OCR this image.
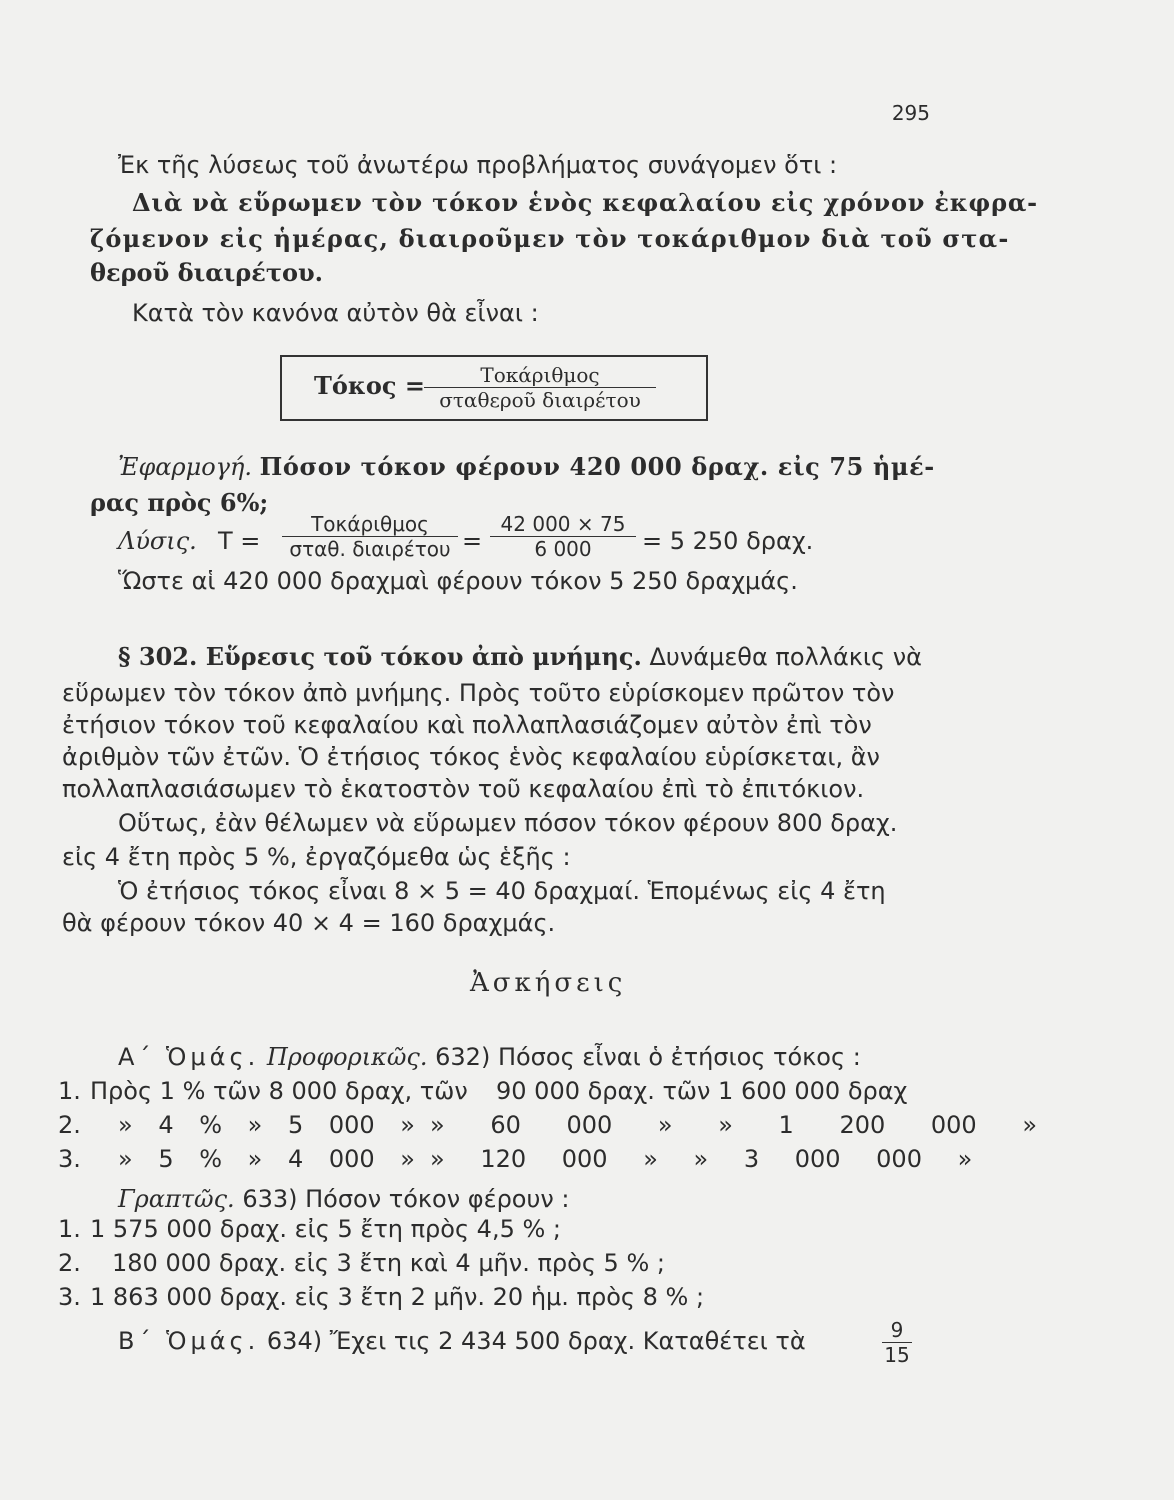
295
Ἐκ τῆς λύσεως τοῦ ἀνωτέρω προβλήματος συνάγομεν ὅτι :
Διὰ νὰ εὕρωμεν τὸν τόκον ἑνὸς κεφαλαίου εἰς χρόνον ἐκφρα-
ζόμενον εἰς ἡμέρας, διαιροῦμεν τὸν τοκάριθμον διὰ τοῦ στα-
θεροῦ διαιρέτου.
Κατὰ τὸν κανόνα αὐτὸν θὰ εἶναι :
Τόκος =	Τοκάριθμος
σταθεροῦ διαιρέτου
Ἐφαρμογή. Πόσον τόκον φέρουν 420 000 δραχ. εἰς 75 ἡμέ-
ρας πρὸς 6%;
Λύσις. Τ =
Τοκάριθμος
σταθ. $\delta\iota\alpha\iota\rho έ\tau o\upsilon = \frac{42 000 \times 75}{6 000} = 5$ 250 δραχ.
Ὥστε αἱ 420 000 δραχμαὶ φέρουν τόκον 5 250 δραχμάς.
§ 302. Εὕρεσις τοῦ τόκου ἀπὸ μνήμης. Δυνάμεθα πολλάκις νὰ
εὕρωμεν τὸν τόκον ἀπὸ μνήμης. Πρὸς τοῦτο εὑρίσκομεν πρῶτον τὸν
ἐτήσιον τόκον τοῦ κεφαλαίου καὶ πολλαπλασιάζομεν αὐτὸν ἐπὶ τὸν
ἀριθμὸν τῶν ἐτῶν. Ὁ ἐτήσιος τόκος ἑνὸς κεφαλαίου εὑρίσκεται, ἂν
πολλαπλασιάσωμεν τὸ ἑκατοστὸν τοῦ κεφαλαίου ἐπὶ τὸ ἐπιτόκιον.
Οὕτως, ἐὰν θέλωμεν νὰ εὕρωμεν πόσον τόκον φέρουν 800 δραχ.
εἰς 4 ἔτη πρὸς 5 %, ἐργαζόμεθα ὡς ἑξῆς :
Ὁ ἐτήσιος τόκος εἶναι 8 × 5 = 40 δραχμαί. Ἑπομένως εἰς 4 ἔτη
θὰ φέρουν τόκον 40 × 4 = 160 δραχμάς.
Ἀσκήσεις
Α΄ Ὁμάς. Προφορικῶς. 632) Πόσος εἶναι ὁ ἐτήσιος τόκος :
1. Πρὸς 1 % τῶν 8 000 δραχ, τῶν 90 000 δραχ. τῶν 1 600 000 δραχ
2. » 4 % » 5 000 » » 60 000 » » 1 200 000 »
3. » 5 % » 4 000 » » 120 000 » » 3 000 000 »
Γραπτῶς. 633) Πόσον τόκον φέρουν :
1. 1 575 000 δραχ. εἰς 5 ἔτη πρὸς 4,5 % ;
2. 180 000 δραχ. εἰς 3 ἔτη καὶ 4 μῆν. πρὸς 5 % ;
3. 1 863 000 δραχ. εἰς 3 ἔτη 2 μῆν. 20 ἡμ. πρὸς 8 % ;
Β΄ Ὁμάς. 634) Ἔχει τις 2 434 500 δραχ. Καταθέτει τὰ	$\frac{9}{15}$
